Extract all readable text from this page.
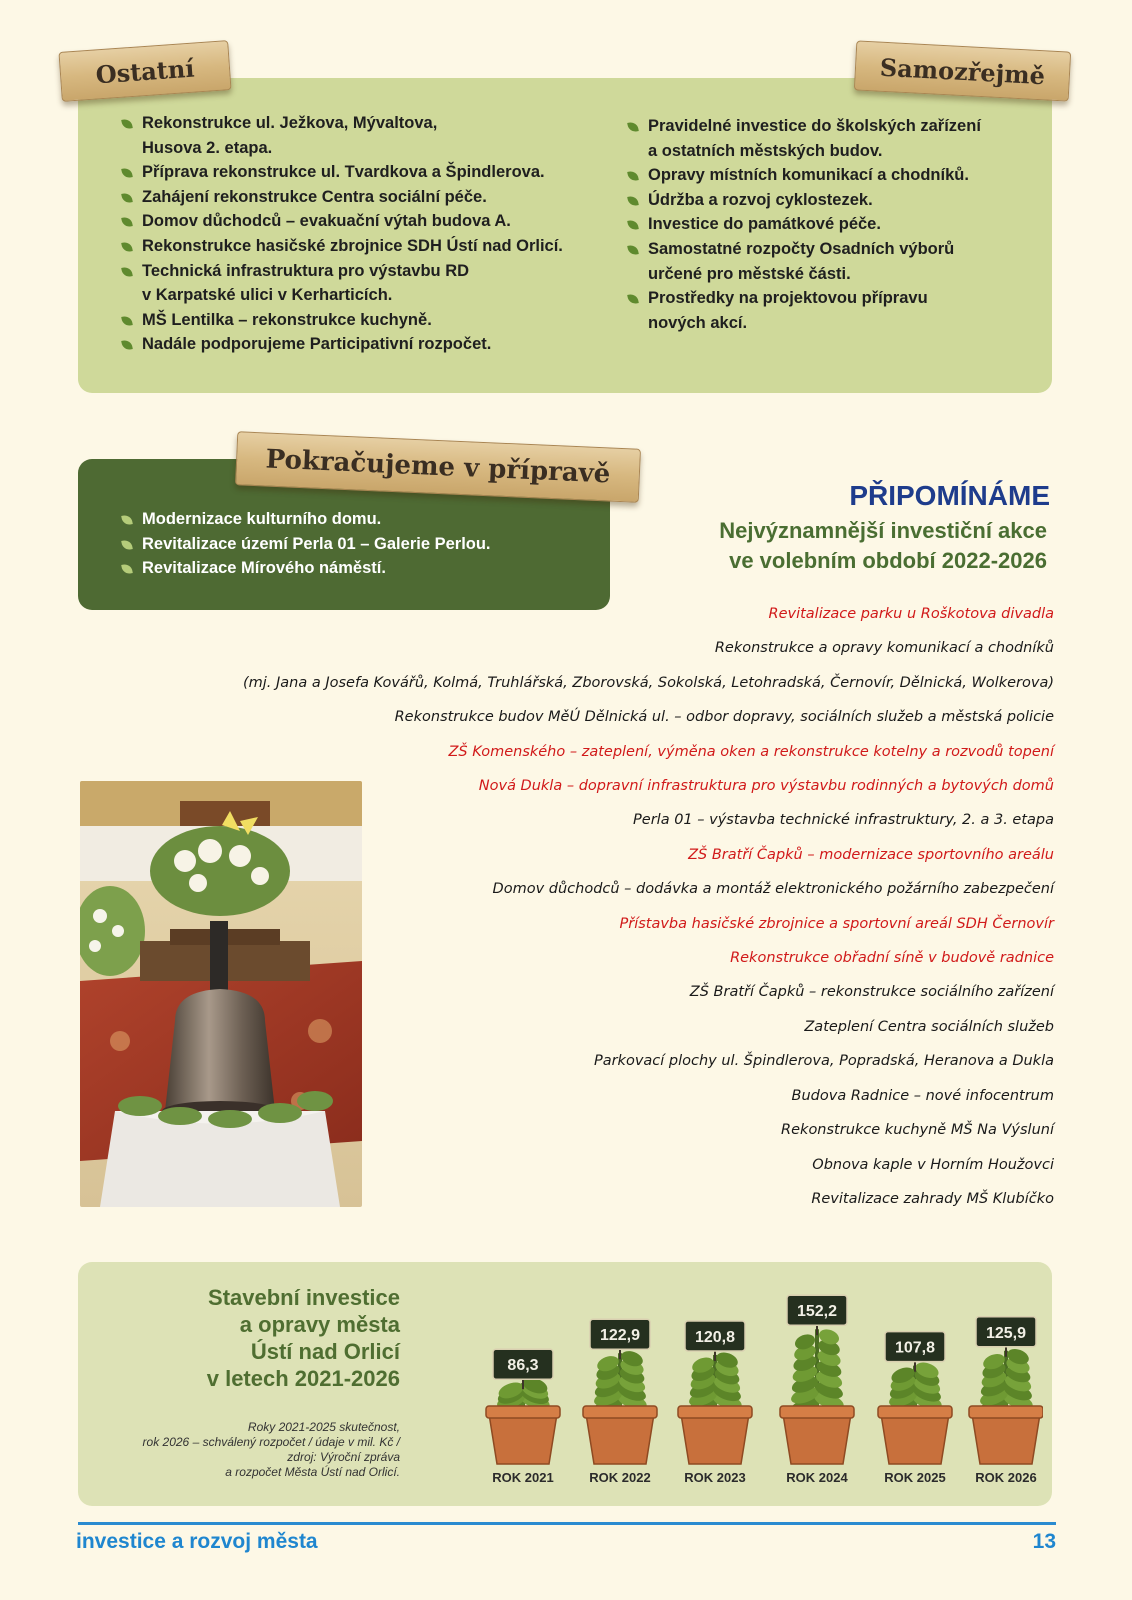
Rekonstrukce ul. Ježkova, Mývaltova,
Husova 2. etapa.
Příprava rekonstrukce ul. Tvardkova a Špindlerova.
Zahájení rekonstrukce Centra sociální péče.
Domov důchodců – evakuační výtah budova A.
Rekonstrukce hasičské zbrojnice SDH Ústí nad Orlicí.
Technická infrastruktura pro výstavbu RD
v Karpatské ulici v Kerharticích.
MŠ Lentilka – rekonstrukce kuchyně.
Nadále podporujeme Participativní rozpočet.
Pravidelné investice do školských zařízení
a ostatních městských budov.
Opravy místních komunikací a chodníků.
Údržba a rozvoj cyklostezek.
Investice do památkové péče.
Samostatné rozpočty Osadních výborů
určené pro městské části.
Prostředky na projektovou přípravu
nových akcí.
Ostatní	Samozřejmě
Modernizace kulturního domu.
Revitalizace území Perla 01 – Galerie Perlou.
Revitalizace Mírového náměstí.
Pokračujeme v přípravě
PŘIPOMÍNÁME
Nejvýznamnější investiční akce
ve volebním období 2022-2026
Revitalizace parku u Roškotova divadla
Rekonstrukce a opravy komunikací a chodníků
(mj. Jana a Josefa Kovářů, Kolmá, Truhlářská, Zborovská, Sokolská, Letohradská, Černovír, Dělnická, Wolkerova)
Rekonstrukce budov MěÚ Dělnická ul. – odbor dopravy, sociálních služeb a městská policie
ZŠ Komenského – zateplení, výměna oken a rekonstrukce kotelny a rozvodů topení
Nová Dukla – dopravní infrastruktura pro výstavbu rodinných a bytových domů
Perla 01 – výstavba technické infrastruktury, 2. a 3. etapa
ZŠ Bratří Čapků – modernizace sportovního areálu
Domov důchodců – dodávka a montáž elektronického požárního zabezpečení
Přístavba hasičské zbrojnice a sportovní areál SDH Černovír
Rekonstrukce obřadní síně v budově radnice
ZŠ Bratří Čapků – rekonstrukce sociálního zařízení
Zateplení Centra sociálních služeb
Parkovací plochy ul. Špindlerova, Popradská, Heranova a Dukla
Budova Radnice – nové infocentrum
Rekonstrukce kuchyně MŠ Na Výsluní
Obnova kaple v Horním Houžovci
Revitalizace zahrady MŠ Klubíčko
Stavební investice
a opravy města
Ústí nad Orlicí
v letech 2021-2026
Roky 2021-2025 skutečnost,
rok 2026 – schválený rozpočet / údaje v mil. Kč /
zdroj: Výroční zpráva
a rozpočet Města Ústí nad Orlicí.
86,3
ROK 2021
122,9
ROK 2022
120,8
ROK 2023
152,2
ROK 2024
107,8
ROK 2025
125,9
ROK 2026
investice a rozvoj města	13
